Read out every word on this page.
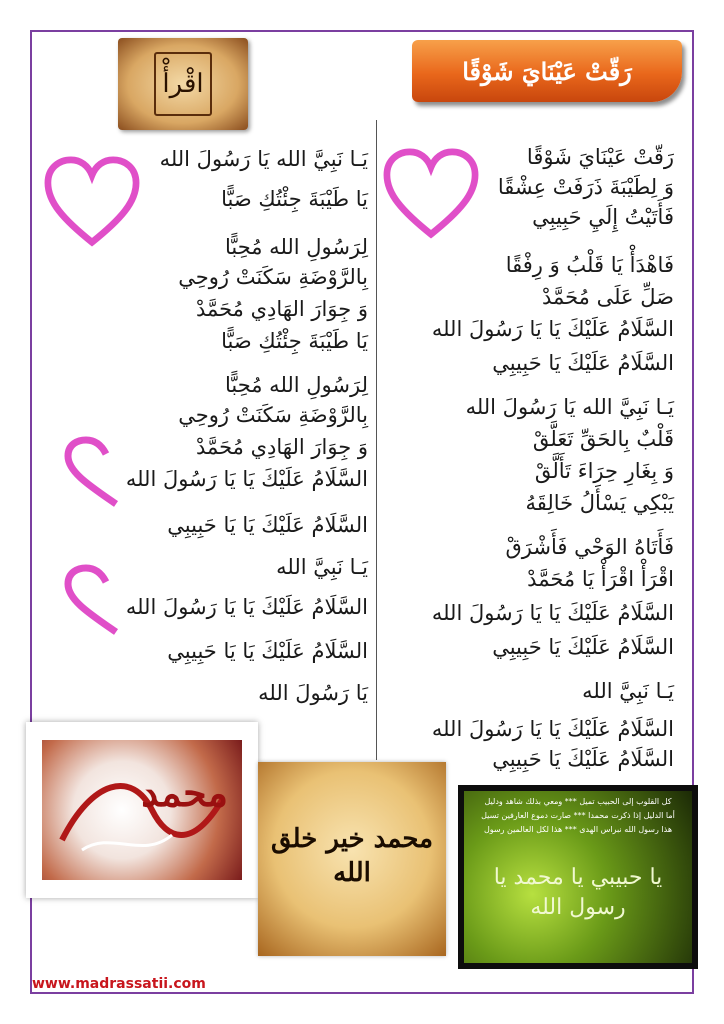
رَقّتْ عَيْنَايَ شَوْقًا
اقْرأْ
رَقّتْ عَيْنَايَ شَوْقًا
وَ لِطَيْبَةَ ذَرَفَتْ عِشْقًا
فَأَتَيْتُ إِلَيِ حَبِيبِي
فَاهْدَأْ يَا قَلْبُ وَ رِفْقًا
صَلِّ عَلَى مُحَمَّدْ
السَّلَامُ عَلَيْكَ يَا يَا رَسُولَ الله
السَّلَامُ عَلَيْكَ يَا حَبِيبِي
يَـا نَبِيَّ الله يَا رَسُولَ الله
قَلْبٌ بِالحَقِّ تَعَلَّقْ
وَ بِغَارِ حِرَاءَ تَأَلَّقْ
يَبْكِي يَسْأَلُ خَالِقَهُ
فَأَتَاهُ الوَحْي فَأَشْرَقْ
اقْرَأْ اقْرَأْ يَا مُحَمَّدْ
السَّلَامُ عَلَيْكَ يَا يَا رَسُولَ الله
السَّلَامُ عَلَيْكَ يَا حَبِيبِي
يَـا نَبِيَّ الله
السَّلَامُ عَلَيْكَ يَا يَا رَسُولَ الله
السَّلَامُ عَلَيْكَ يَا حَبِيبِي
يَـا نَبِيَّ الله يَا رَسُولَ الله
يَا طَيْبَةَ جِئْتُكِ صَبًّا
لِرَسُولِ الله مُحِبًّا
بِالرَّوْضَةِ سَكَنَتْ رُوحِي
وَ جِوَارَ الهَادِي مُحَمَّدْ
يَا طَيْبَةَ جِئْتُكِ صَبًّا
لِرَسُولِ الله مُحِبًّا
بِالرَّوْضَةِ سَكَنَتْ رُوحِي
وَ جِوَارَ الهَادِي مُحَمَّدْ
السَّلَامُ عَلَيْكَ يَا يَا رَسُولَ الله
السَّلَامُ عَلَيْكَ يَا يَا حَبِيبِي
يَـا نَبِيَّ الله
السَّلَامُ عَلَيْكَ يَا يَا رَسُولَ الله
السَّلَامُ عَلَيْكَ يَا يَا حَبِيبِي
يَا رَسُولَ الله
محمد
محمد خير خلق الله
كل القلوب إلى الحبيب تميل *** ومعي بذلك شاهد ودليل
أما الدليل إذا ذكرت محمدا *** صارت دموع العارفين تسيل
هذا رسول الله نبراس الهدى *** هذا لكل العالمين رسول
يا حبيبي يا محمد يا رسول الله
www.madrassatii.com
